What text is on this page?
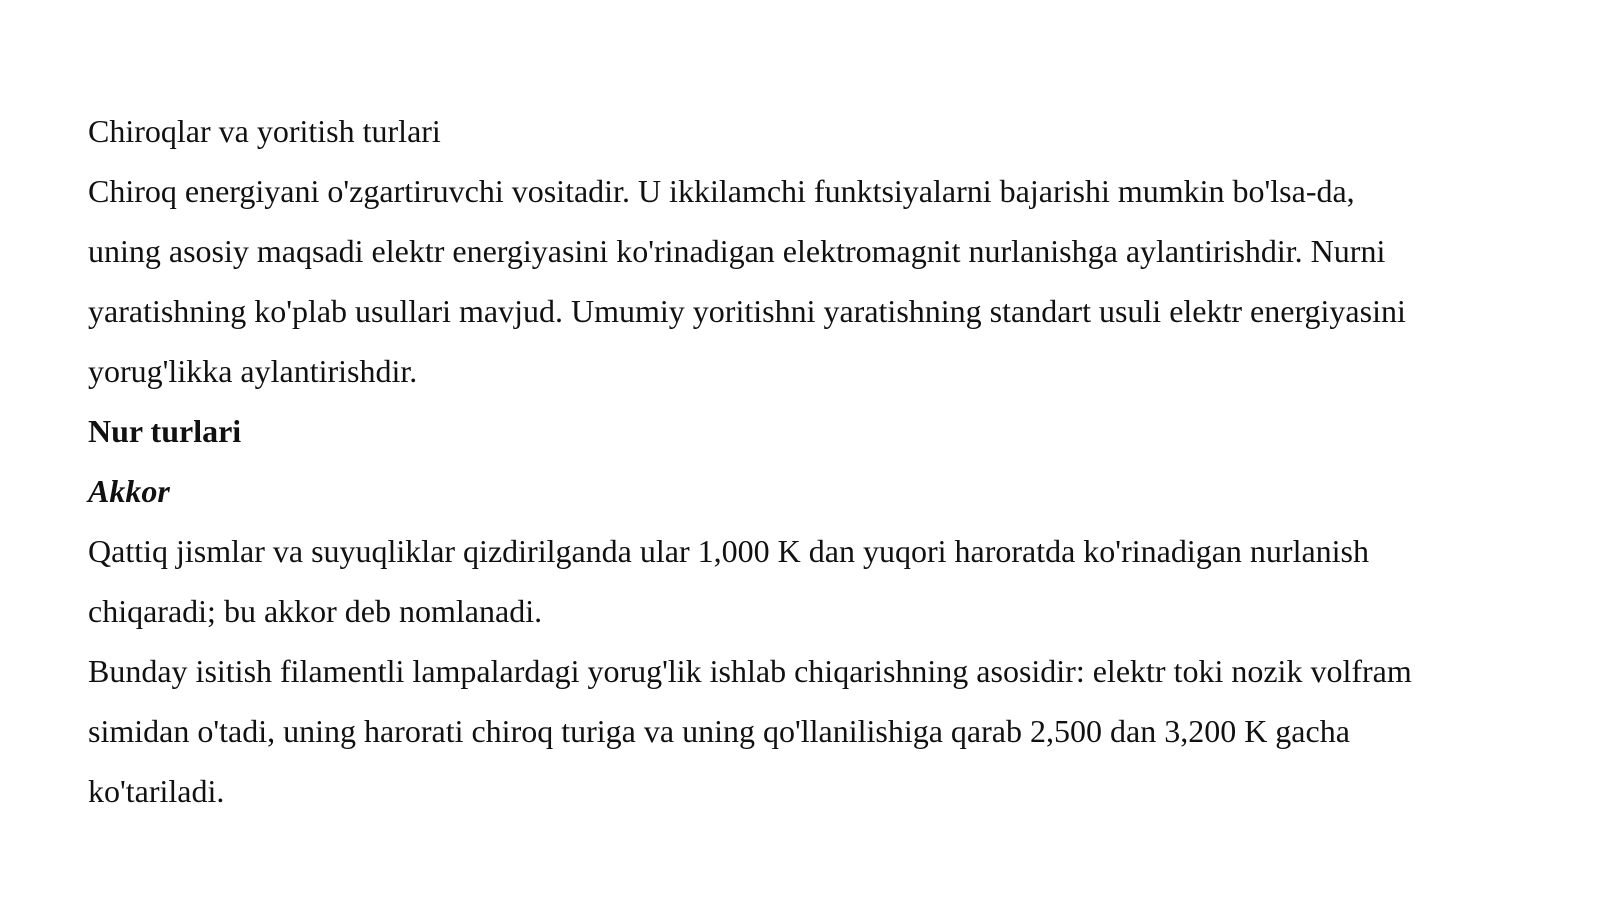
Chiroqlar va yoritish turlari

Chiroq energiyani o'zgartiruvchi vositadir. U ikkilamchi funktsiyalarni bajarishi mumkin bo'lsa-da,
uning asosiy maqsadi elektr energiyasini ko'rinadigan elektromagnit nurlanishga aylantirishdir. Nurni
yaratishning ko'plab usullari mavjud. Umumiy yoritishni yaratishning standart usuli elektr energiyasini
yorug'likka aylantirishdir.

Nur turlari
Akkor

Qattiq jismlar va suyuqliklar qizdirilganda ular 1,000 K dan yuqori haroratda ko'rinadigan nurlanish
chiqaradi; bu akkor deb nomlanadi.

Bunday isitish filamentli lampalardagi yorug'lik ishlab chiqarishning asosidir: elektr toki nozik volfram
simidan o'tadi, uning harorati chiroq turiga va uning qo'llanilishiga qarab 2,500 dan 3,200 K gacha
ko'tariladi.
